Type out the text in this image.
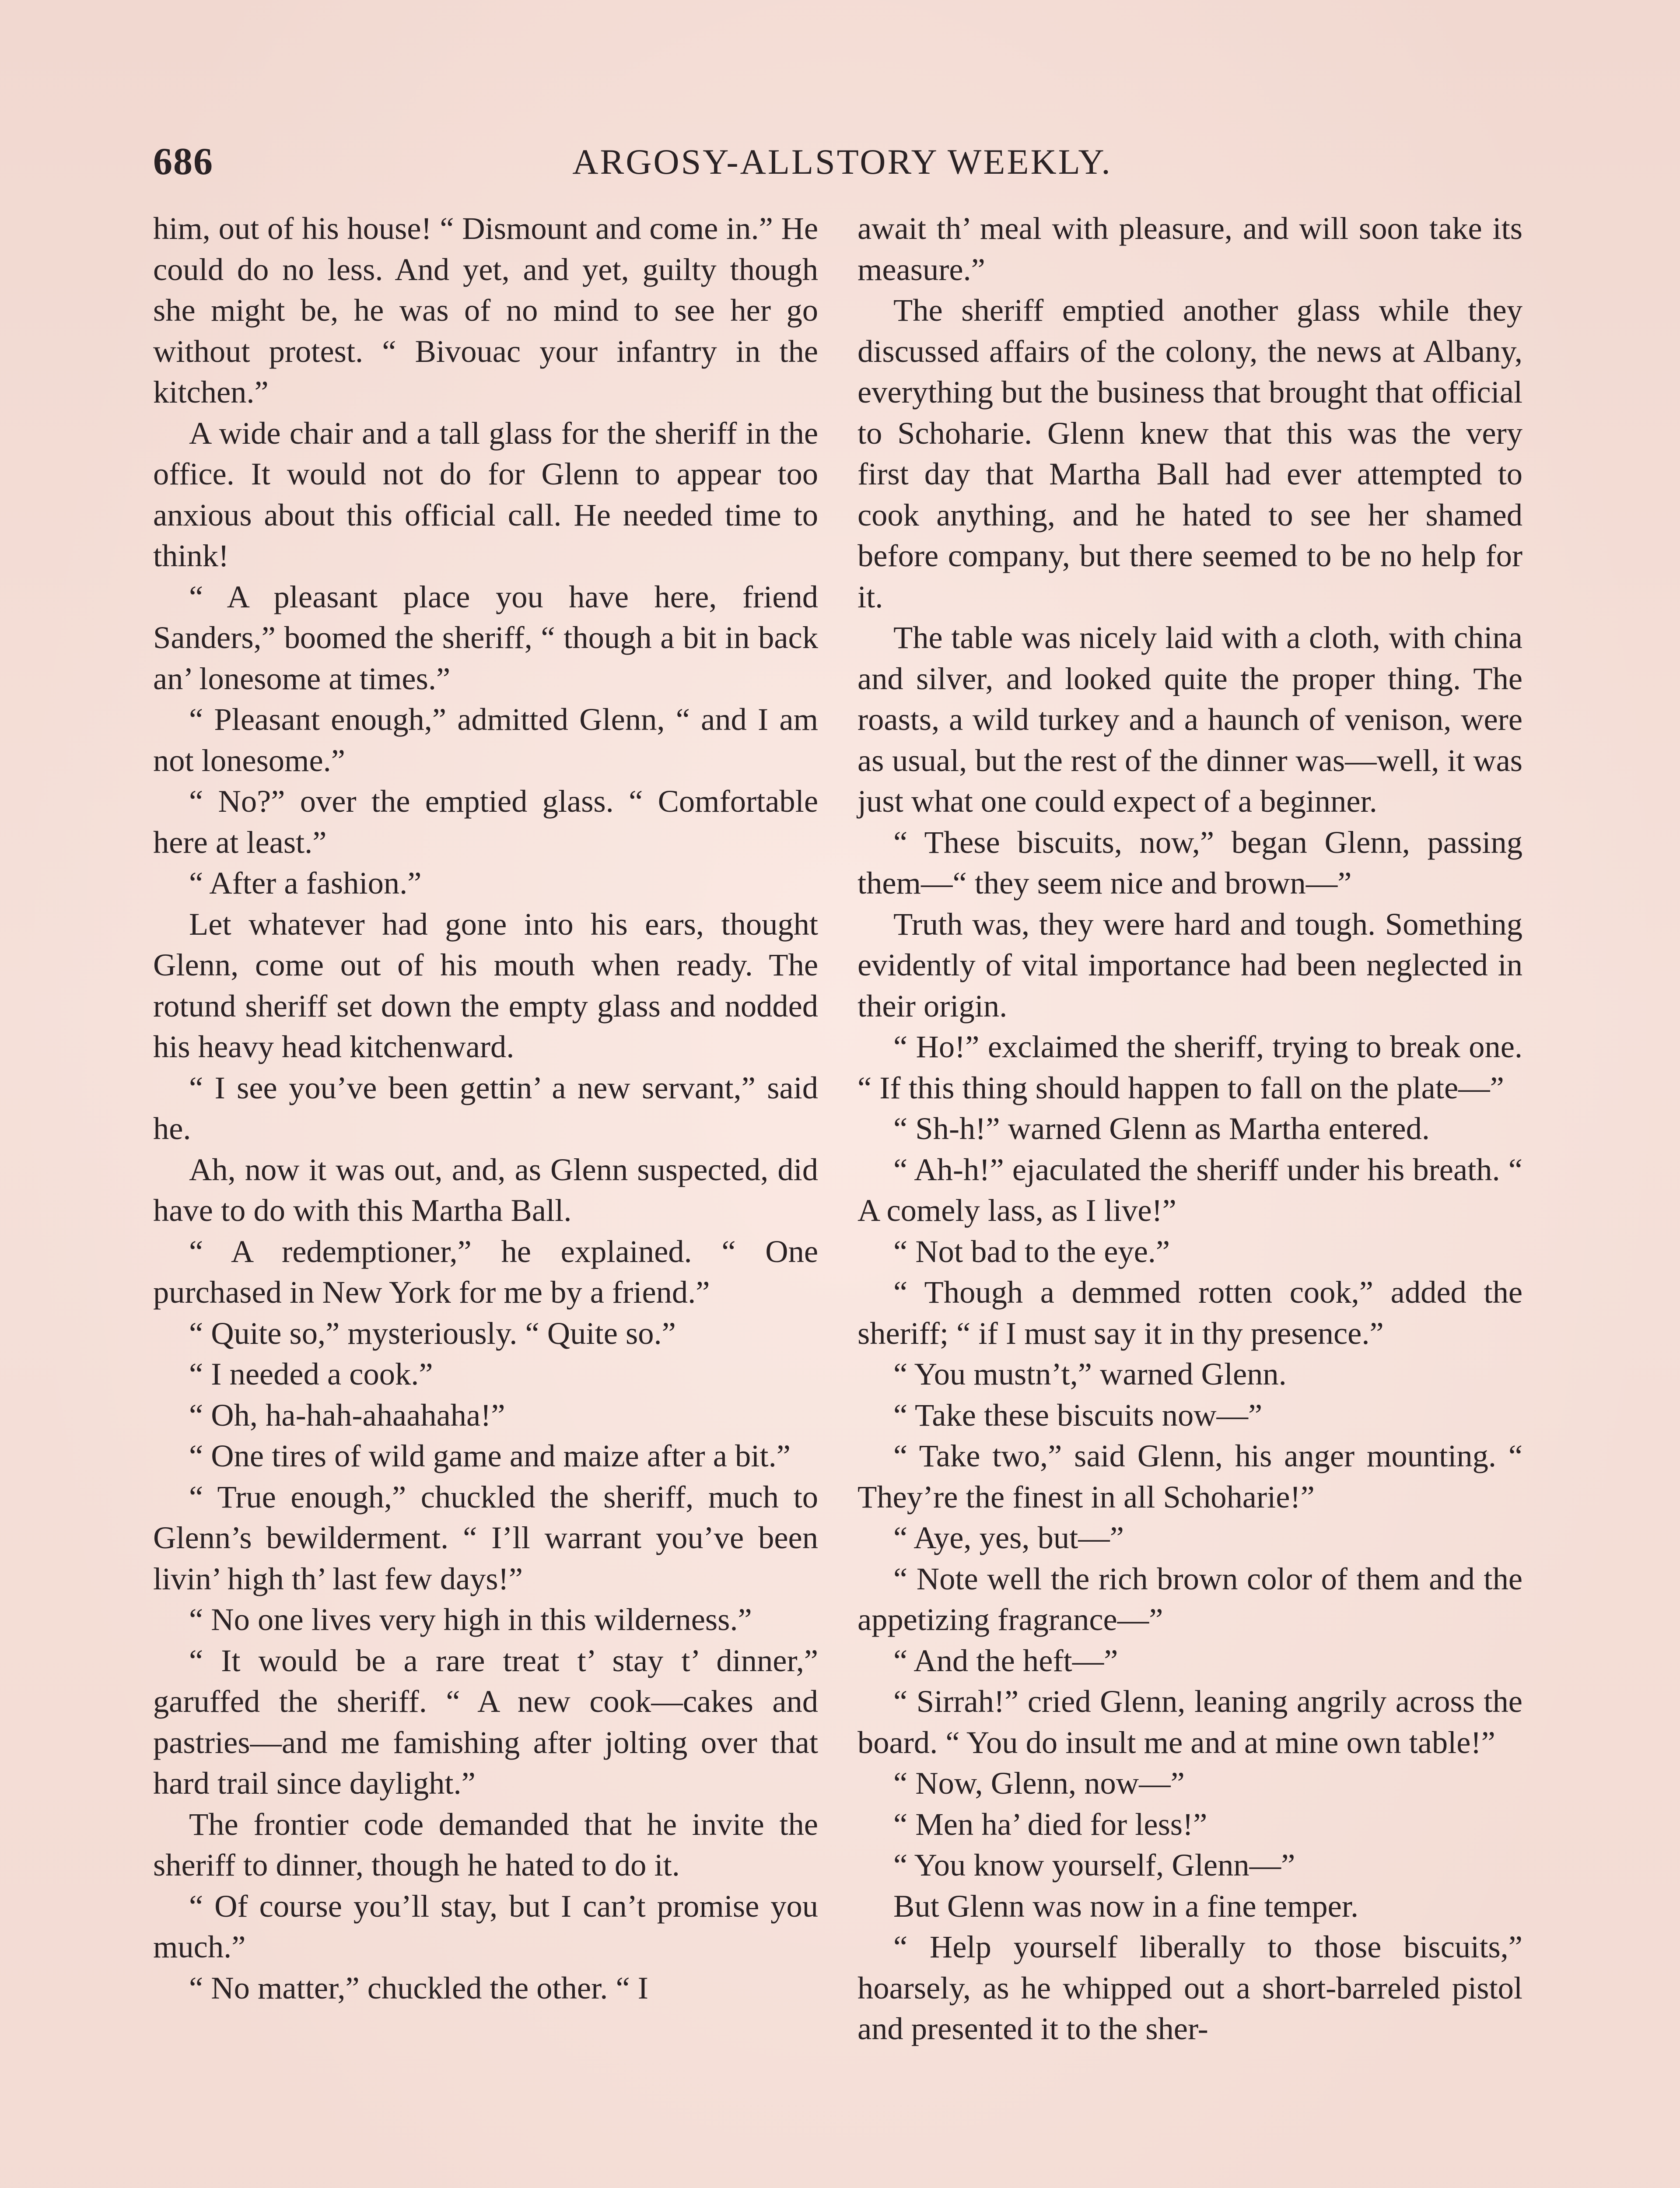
686	ARGOSY-ALLSTORY WEEKLY.

him, out of his house! “ Dismount and come in.” He could do no less. And yet, and yet, guilty though she might be, he was of no mind to see her go without protest. “ Bivouac your infantry in the kitchen.”

A wide chair and a tall glass for the sheriff in the office. It would not do for Glenn to appear too anxious about this official call. He needed time to think!

“ A pleasant place you have here, friend Sanders,” boomed the sheriff, “ though a bit in back an’ lonesome at times.”

“ Pleasant enough,” admitted Glenn, “ and I am not lonesome.”

“ No?” over the emptied glass. “ Comfortable here at least.”

“ After a fashion.”

Let whatever had gone into his ears, thought Glenn, come out of his mouth when ready. The rotund sheriff set down the empty glass and nodded his heavy head kitchenward.

“ I see you’ve been gettin’ a new servant,” said he.

Ah, now it was out, and, as Glenn suspected, did have to do with this Martha Ball.

“ A redemptioner,” he explained. “ One purchased in New York for me by a friend.”

“ Quite so,” mysteriously. “ Quite so.”

“ I needed a cook.”

“ Oh, ha-hah-ahaahaha!”

“ One tires of wild game and maize after a bit.”

“ True enough,” chuckled the sheriff, much to Glenn’s bewilderment. “ I’ll warrant you’ve been livin’ high th’ last few days!”

“ No one lives very high in this wilderness.”

“ It would be a rare treat t’ stay t’ dinner,” garuffed the sheriff. “ A new cook—cakes and pastries—and me famishing after jolting over that hard trail since daylight.”

The frontier code demanded that he invite the sheriff to dinner, though he hated to do it.

“ Of course you’ll stay, but I can’t promise you much.”

“ No matter,” chuckled the other. “ I

await th’ meal with pleasure, and will soon take its measure.”

The sheriff emptied another glass while they discussed affairs of the colony, the news at Albany, everything but the business that brought that official to Schoharie. Glenn knew that this was the very first day that Martha Ball had ever attempted to cook anything, and he hated to see her shamed before company, but there seemed to be no help for it.

The table was nicely laid with a cloth, with china and silver, and looked quite the proper thing. The roasts, a wild turkey and a haunch of venison, were as usual, but the rest of the dinner was—well, it was just what one could expect of a beginner.

“ These biscuits, now,” began Glenn, passing them—“ they seem nice and brown—”

Truth was, they were hard and tough. Something evidently of vital importance had been neglected in their origin.

“ Ho!” exclaimed the sheriff, trying to break one. “ If this thing should happen to fall on the plate—”

“ Sh-h!” warned Glenn as Martha entered.

“ Ah-h!” ejaculated the sheriff under his breath. “ A comely lass, as I live!”

“ Not bad to the eye.”

“ Though a demmed rotten cook,” added the sheriff; “ if I must say it in thy presence.”

“ You mustn’t,” warned Glenn.

“ Take these biscuits now—”

“ Take two,” said Glenn, his anger mounting. “ They’re the finest in all Schoharie!”

“ Aye, yes, but—”

“ Note well the rich brown color of them and the appetizing fragrance—”

“ And the heft—”

“ Sirrah!” cried Glenn, leaning angrily across the board. “ You do insult me and at mine own table!”

“ Now, Glenn, now—”

“ Men ha’ died for less!”

“ You know yourself, Glenn—”

But Glenn was now in a fine temper.

“ Help yourself liberally to those biscuits,” hoarsely, as he whipped out a short-barreled pistol and presented it to the sher-
